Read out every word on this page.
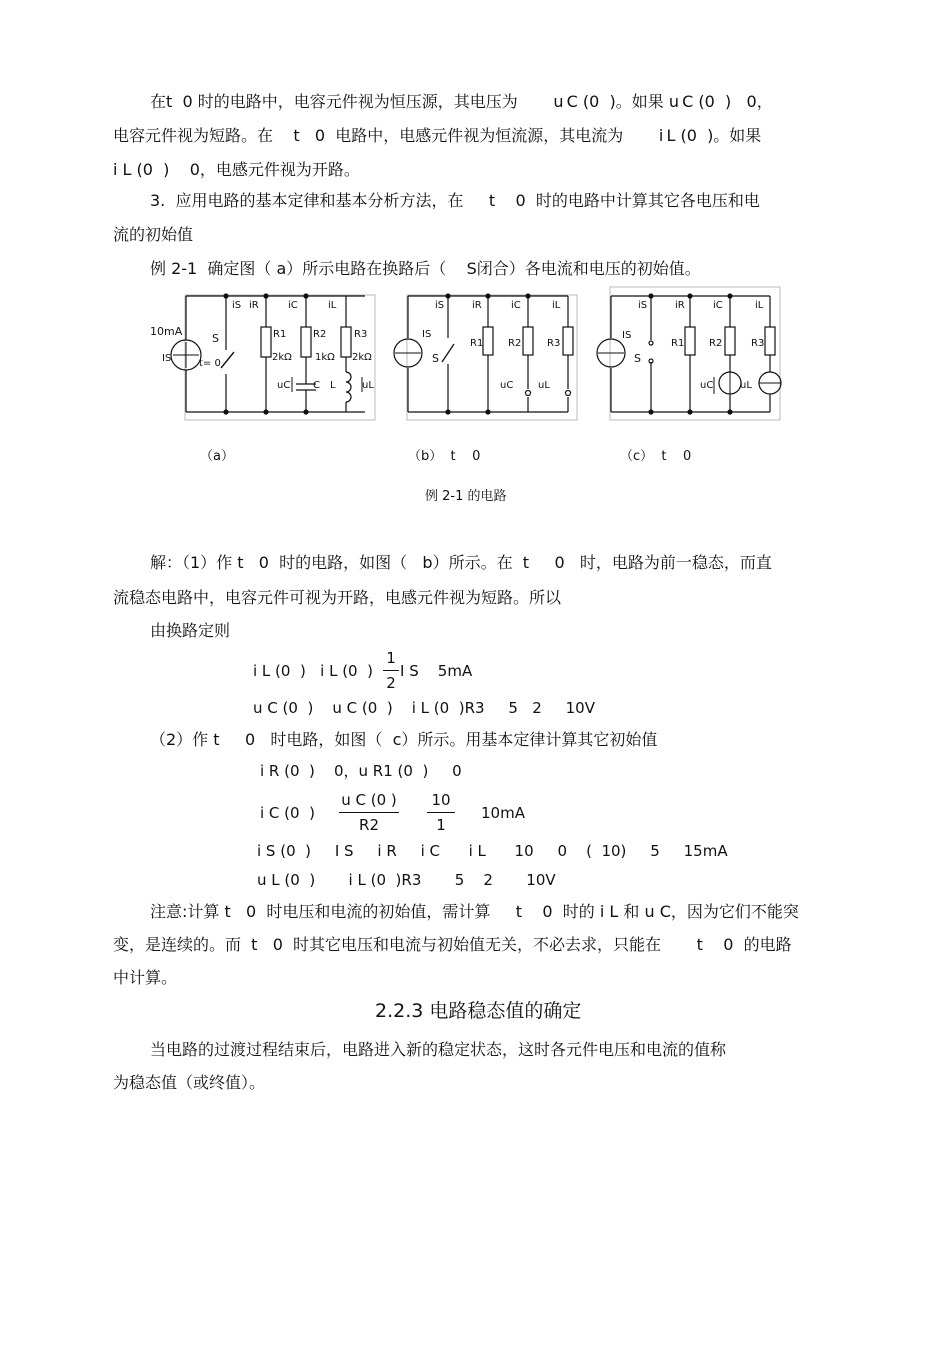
在t  0 时的电路中，电容元件视为恒压源，其电压为       u C (0  )。如果 u C (0  )   0，
电容元件视为短路。在    t   0  电路中，电感元件视为恒流源，其电流为       i L (0  )。如果
i L (0  )    0，电感元件视为开路。
3.  应用电路的基本定律和基本分析方法，在     t    0  时的电路中计算其它各电压和电
流的初始值
例 2-1  确定图（ a）所示电路在换路后（    S闭合）各电流和电压的初始值。
iS iR	iC	iL
10mA
IS
S
t= 0
R1	R2	R3
2kΩ 1kΩ 2kΩ
uC C L	uL
iS	iR	iC	iL
IS
S
R1 R2	R3
uC uL
iS	iR	iC	iL
IS
S
R1 R2	R3
uC	uL
（a）	（b）  t    0	（c）  t    0
例 2-1 的电路
解：（1）作 t   0  时的电路，如图（   b）所示。在  t     0   时，电路为前一稳态，而直
流稳态电路中，电容元件可视为开路，电感元件视为短路。所以
由换路定则
i L (0  )   i L (0  )
1
2
I S    5mA
u C (0  )    u C (0  )    i L (0  )R3     5   2     10V
（2）作 t     0   时电路，如图（  c）所示。用基本定律计算其它初始值
i R (0  )    0，u R1 (0  )     0
i C (0  )
u C (0 )
R2
10
1
10mA
i S (0  )     I S     i R     i C      i L      10     0    (  10)     5     15mA
u L (0  )       i L (0  )R3       5    2       10V
注意:计算 t   0  时电压和电流的初始值，需计算     t    0  时的 i L 和 u C，因为它们不能突
变，是连续的。而  t   0  时其它电压和电流与初始值无关，不必去求，只能在       t    0  的电路
中计算。
2.2.3 电路稳态值的确定
当电路的过渡过程结束后，电路进入新的稳定状态，这时各元件电压和电流的值称
为稳态值（或终值）。
